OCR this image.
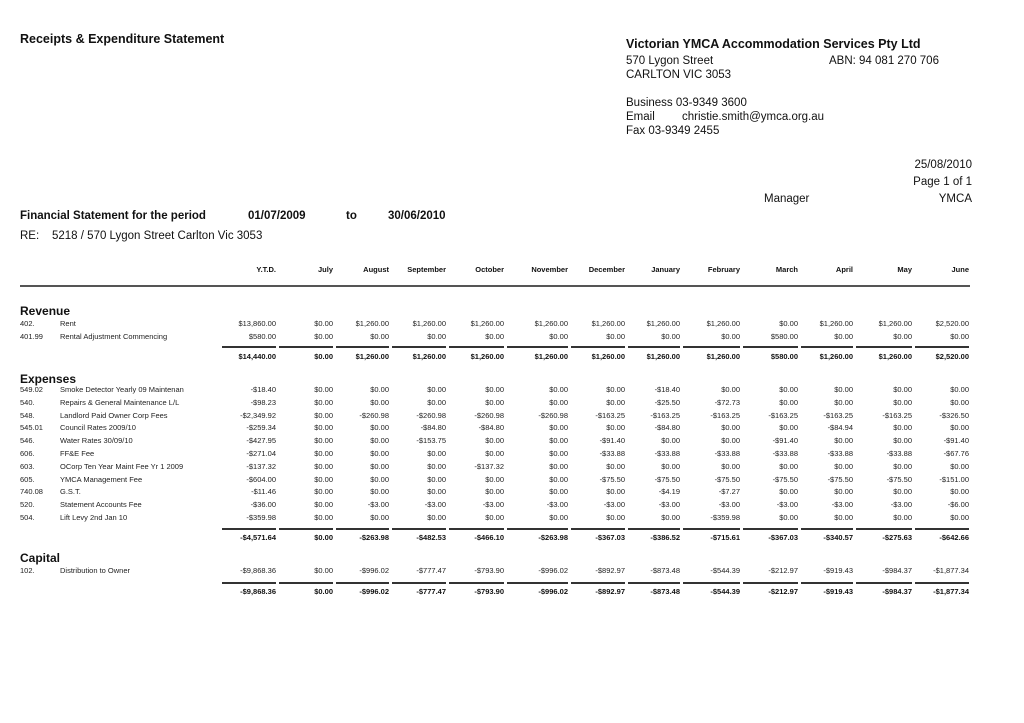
Receipts & Expenditure Statement	Victorian YMCA Accommodation Services Pty Ltd
570 Lygon Street	ABN: 94 081 270 706
CARLTON VIC 3053
Business 03-9349 3600
Email christie.smith@ymca.org.au
Fax 03-9349 2455
25/08/2010
Page 1 of 1
Manager	YMCA
Financial Statement for the period	01/07/2009	to	30/06/2010
RE: 5218 / 570 Lygon Street Carlton Vic 3053
Y.T.D.	July	August	September	October	November	December	January	February	March	April	May	June
Revenue
402.	Rent	$13,860.00	$0.00	$1,260.00	$1,260.00	$1,260.00	$1,260.00	$1,260.00	$1,260.00	$1,260.00	$0.00	$1,260.00	$1,260.00	$2,520.00
401.99 Rental Adjustment Commencing	$580.00	$0.00	$0.00	$0.00	$0.00	$0.00	$0.00	$0.00	$0.00	$580.00	$0.00	$0.00	$0.00
$14,440.00	$0.00	$1,260.00	$1,260.00	$1,260.00	$1,260.00	$1,260.00	$1,260.00	$1,260.00	$580.00	$1,260.00	$1,260.00	$2,520.00
Expenses
549.02 Smoke Detector Yearly 09 Maintenan	-$18.40	$0.00	$0.00	$0.00	$0.00	$0.00	$0.00	-$18.40	$0.00	$0.00	$0.00	$0.00	$0.00
540.	Repairs & General Maintenance L/L	-$98.23	$0.00	$0.00	$0.00	$0.00	$0.00	$0.00	-$25.50	-$72.73	$0.00	$0.00	$0.00	$0.00
548.	Landlord Paid Owner Corp Fees	-$2,349.92	$0.00	-$260.98	-$260.98	-$260.98	-$260.98	-$163.25	-$163.25	-$163.25	-$163.25	-$163.25	-$163.25	-$326.50
545.01 Council Rates 2009/10	-$259.34	$0.00	$0.00	-$84.80	-$84.80	$0.00	$0.00	-$84.80	$0.00	$0.00	-$84.94	$0.00	$0.00
546.	Water Rates 30/09/10	-$427.95	$0.00	$0.00	-$153.75	$0.00	$0.00	-$91.40	$0.00	$0.00	-$91.40	$0.00	$0.00	-$91.40
606.	FF&E Fee	-$271.04	$0.00	$0.00	$0.00	$0.00	$0.00	-$33.88	-$33.88	-$33.88	-$33.88	-$33.88	-$33.88	-$67.76
603.	OCorp Ten Year Maint Fee Yr 1 2009	-$137.32	$0.00	$0.00	$0.00	-$137.32	$0.00	$0.00	$0.00	$0.00	$0.00	$0.00	$0.00	$0.00
605.	YMCA Management Fee	-$604.00	$0.00	$0.00	$0.00	$0.00	$0.00	-$75.50	-$75.50	-$75.50	-$75.50	-$75.50	-$75.50	-$151.00
740.08 G.S.T.	-$11.46	$0.00	$0.00	$0.00	$0.00	$0.00	$0.00	-$4.19	-$7.27	$0.00	$0.00	$0.00	$0.00
520.	Statement Accounts Fee	-$36.00	$0.00	-$3.00	-$3.00	-$3.00	-$3.00	-$3.00	-$3.00	-$3.00	-$3.00	-$3.00	-$3.00	-$6.00
504.	Lift Levy 2nd Jan 10	-$359.98	$0.00	$0.00	$0.00	$0.00	$0.00	$0.00	$0.00	-$359.98	$0.00	$0.00	$0.00	$0.00
-$4,571.64	$0.00	-$263.98	-$482.53	-$466.10	-$263.98	-$367.03	-$386.52	-$715.61	-$367.03	-$340.57	-$275.63	-$642.66
Capital
102.	Distribution to Owner	-$9,868.36	$0.00	-$996.02	-$777.47	-$793.90	-$996.02	-$892.97	-$873.48	-$544.39	-$212.97	-$919.43	-$984.37	-$1,877.34
-$9,868.36	$0.00	-$996.02	-$777.47	-$793.90	-$996.02	-$892.97	-$873.48	-$544.39	-$212.97	-$919.43	-$984.37	-$1,877.34
